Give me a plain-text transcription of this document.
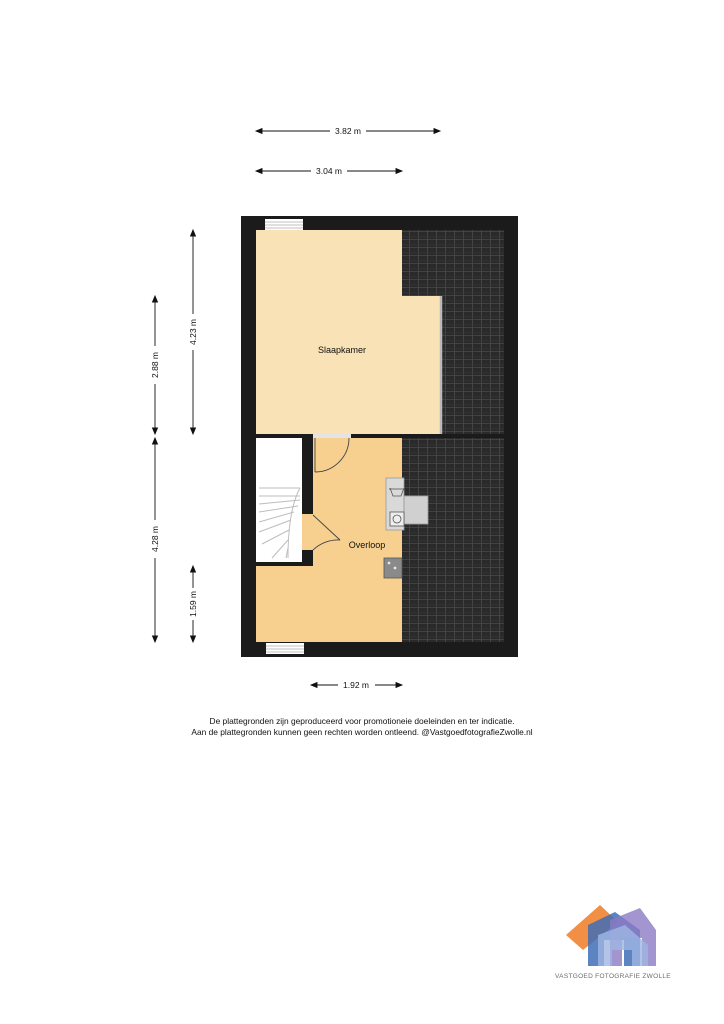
Slaapkamer
Overloop
3.82 m
3.04 m
4.23 m
2.88 m
4.28 m
1.59 m
1.92 m
De plattegronden zijn geproduceerd voor promotioneie doeleinden en ter indicatie.
Aan de plattegronden kunnen geen rechten worden ontleend. @VastgoedfotografieZwolle.nl
VASTGOED FOTOGRAFIE ZWOLLE
